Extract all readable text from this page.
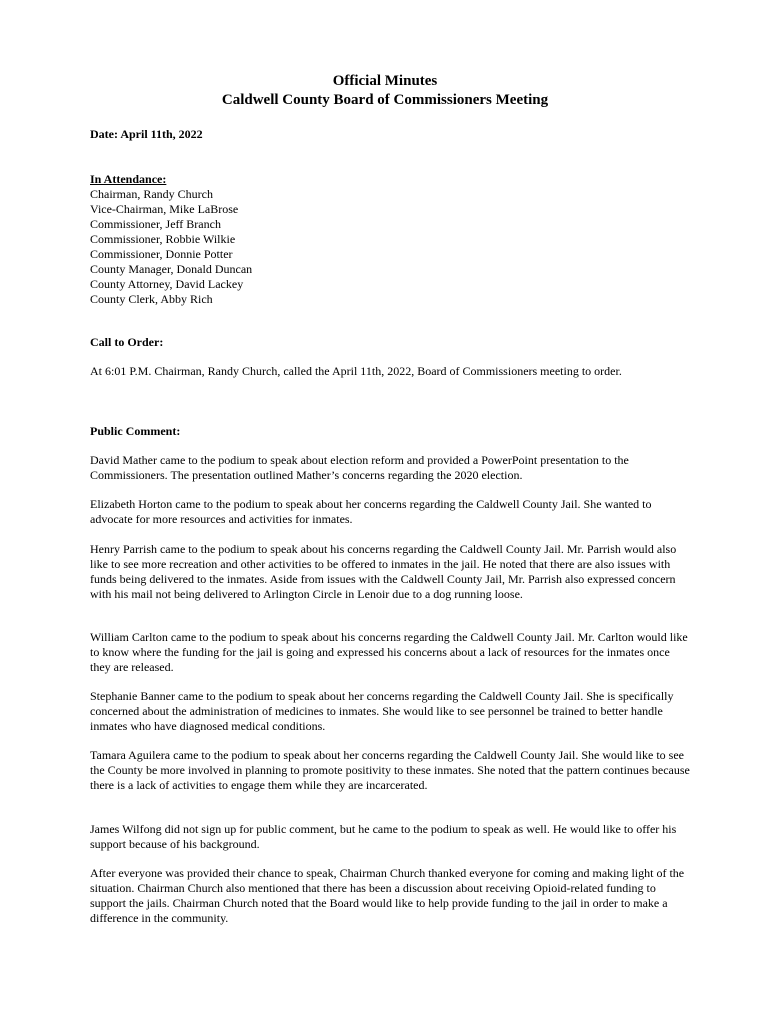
Official Minutes
Caldwell County Board of Commissioners Meeting
Date: April 11th, 2022
In Attendance:
Chairman, Randy Church
Vice-Chairman, Mike LaBrose
Commissioner, Jeff Branch
Commissioner, Robbie Wilkie
Commissioner, Donnie Potter
County Manager, Donald Duncan
County Attorney, David Lackey
County Clerk, Abby Rich
Call to Order:

At 6:01 P.M. Chairman, Randy Church, called the April 11th, 2022, Board of Commissioners meeting to order.

Public Comment:

David Mather came to the podium to speak about election reform and provided a PowerPoint presentation to the Commissioners. The presentation outlined Mather’s concerns regarding the 2020 election.

Elizabeth Horton came to the podium to speak about her concerns regarding the Caldwell County Jail. She wanted to advocate for more resources and activities for inmates.

Henry Parrish came to the podium to speak about his concerns regarding the Caldwell County Jail. Mr. Parrish would also like to see more recreation and other activities to be offered to inmates in the jail. He noted that there are also issues with funds being delivered to the inmates. Aside from issues with the Caldwell County Jail, Mr. Parrish also expressed concern with his mail not being delivered to Arlington Circle in Lenoir due to a dog running loose.

William Carlton came to the podium to speak about his concerns regarding the Caldwell County Jail. Mr. Carlton would like to know where the funding for the jail is going and expressed his concerns about a lack of resources for the inmates once they are released.

Stephanie Banner came to the podium to speak about her concerns regarding the Caldwell County Jail. She is specifically concerned about the administration of medicines to inmates. She would like to see personnel be trained to better handle inmates who have diagnosed medical conditions.

Tamara Aguilera came to the podium to speak about her concerns regarding the Caldwell County Jail. She would like to see the County be more involved in planning to promote positivity to these inmates. She noted that the pattern continues because there is a lack of activities to engage them while they are incarcerated.

James Wilfong did not sign up for public comment, but he came to the podium to speak as well. He would like to offer his support because of his background.

After everyone was provided their chance to speak, Chairman Church thanked everyone for coming and making light of the situation. Chairman Church also mentioned that there has been a discussion about receiving Opioid-related funding to support the jails. Chairman Church noted that the Board would like to help provide funding to the jail in order to make a difference in the community.
